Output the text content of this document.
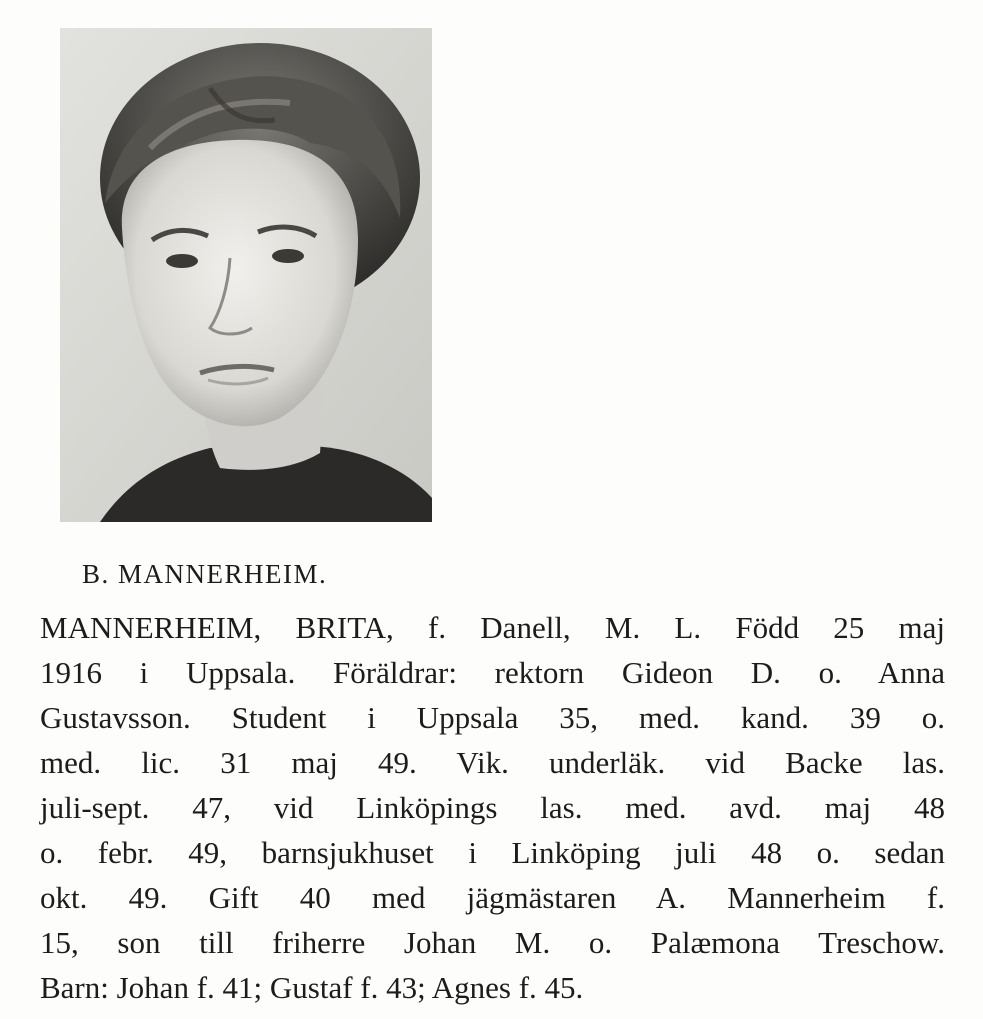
B. MANNERHEIM.
MANNERHEIM, BRITA, f. Danell, M. L. Född 25 maj
1916 i Uppsala. Föräldrar: rektorn Gideon D. o. Anna
Gustavsson. Student i Uppsala 35, med. kand. 39 o.
med. lic. 31 maj 49. Vik. underläk. vid Backe las.
juli-sept. 47, vid Linköpings las. med. avd. maj 48
o. febr. 49, barnsjukhuset i Linköping juli 48 o. sedan
okt. 49. Gift 40 med jägmästaren A. Mannerheim f.
15, son till friherre Johan M. o. Palæmona Treschow.
Barn: Johan f. 41; Gustaf f. 43; Agnes f. 45.
